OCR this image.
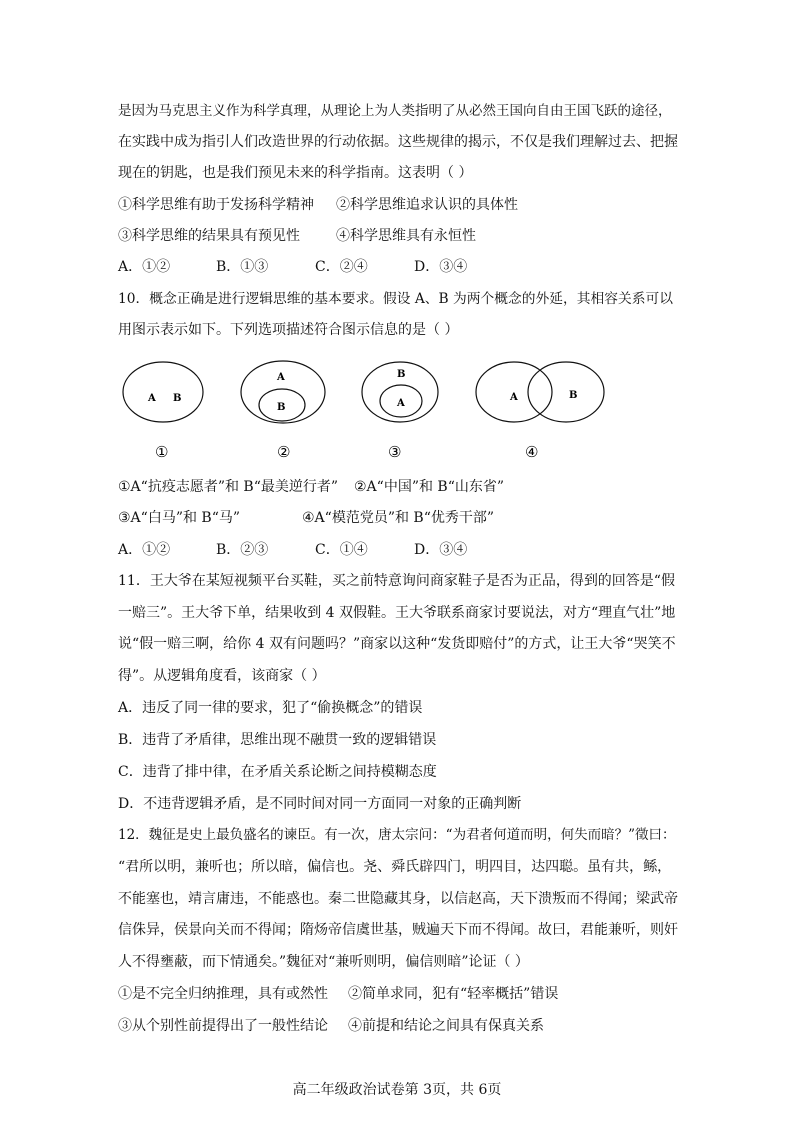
是因为马克思主义作为科学真理，从理论上为人类指明了从必然王国向自由王国飞跃的途径，
在实践中成为指引人们改造世界的行动依据。这些规律的揭示，不仅是我们理解过去、把握
现在的钥匙，也是我们预见未来的科学指南。这表明（ ）
①科学思维有助于发扬科学精神 ②科学思维追求认识的具体性
③科学思维的结果具有预见性	④科学思维具有永恒性
A．①②	B．①③	C．②④	D．③④
10．概念正确是进行逻辑思维的基本要求。假设 A、B 为两个概念的外延，其相容关系可以
用图示表示如下。下列选项描述符合图示信息的是（ ）
A B
①
A
B
②
B
A
③
A	B
④
①A“抗疫志愿者”和 B“最美逆行者” ②A“中国”和 B“山东省”
③A“白马”和 B“马”	④A“模范党员”和 B“优秀干部”
A．①②	B．②③	C．①④	D．③④
11．王大爷在某短视频平台买鞋，买之前特意询问商家鞋子是否为正品，得到的回答是“假
一赔三”。王大爷下单，结果收到 4 双假鞋。王大爷联系商家讨要说法，对方“理直气壮”地
说“假一赔三啊，给你 4 双有问题吗？”商家以这种“发货即赔付”的方式，让王大爷“哭笑不
得”。从逻辑角度看，该商家（ ）
A．违反了同一律的要求，犯了“偷换概念”的错误
B．违背了矛盾律，思维出现不融贯一致的逻辑错误
C．违背了排中律，在矛盾关系论断之间持模糊态度
D．不违背逻辑矛盾，是不同时间对同一方面同一对象的正确判断
12．魏征是史上最负盛名的谏臣。有一次，唐太宗问：“为君者何道而明，何失而暗？”徵曰：
“君所以明，兼听也；所以暗，偏信也。尧、舜氏辟四门，明四目，达四聪。虽有共，鲧，
不能塞也，靖言庸违，不能惑也。秦二世隐藏其身，以信赵高，天下溃叛而不得闻；梁武帝
信侏异，侯景向关而不得闻；隋炀帝信虞世基，贼遍天下而不得闻。故曰，君能兼听，则奸
人不得壅蔽，而下情通矣。”魏征对“兼听则明，偏信则暗”论证（ ）
①是不完全归纳推理，具有或然性 ②简单求同，犯有“轻率概括”错误
③从个别性前提得出了一般性结论 ④前提和结论之间具有保真关系
高二年级政治试卷第 3页，共 6页
